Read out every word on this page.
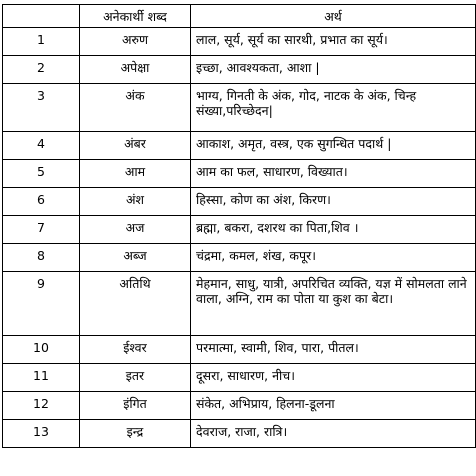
	अनेकार्थी शब्द	अर्थ
1	अरुण	लाल, सूर्य, सूर्य का सारथी, प्रभात का सूर्य।
2	अपेक्षा	इच्छा, आवश्यकता, आशा |
3	अंक	भाग्य, गिनती के अंक, गोद, नाटक के अंक, चिन्ह संख्या,परिच्छेदन|
4	अंबर	आकाश, अमृत, वस्त्र, एक सुगन्धित पदार्थ |
5	आम	आम का फल, साधारण, विख्यात।
6	अंश	हिस्सा, कोण का अंश, किरण।
7	अज	ब्रह्मा, बकरा, दशरथ का पिता,शिव ।
8	अब्ज	चंद्रमा, कमल, शंख, कपूर।
9	अतिथि	मेहमान, साधु, यात्री, अपरिचित व्यक्ति, यज्ञ में सोमलता लाने वाला, अग्नि, राम का पोता या कुश का बेटा।
10	ईश्वर	परमात्मा, स्वामी, शिव, पारा, पीतल।
11	इतर	दूसरा, साधारण, नीच।
12	इंगित	संकेत, अभिप्राय, हिलना-डूलना
13	इन्द्र	देवराज, राजा, रात्रि।
